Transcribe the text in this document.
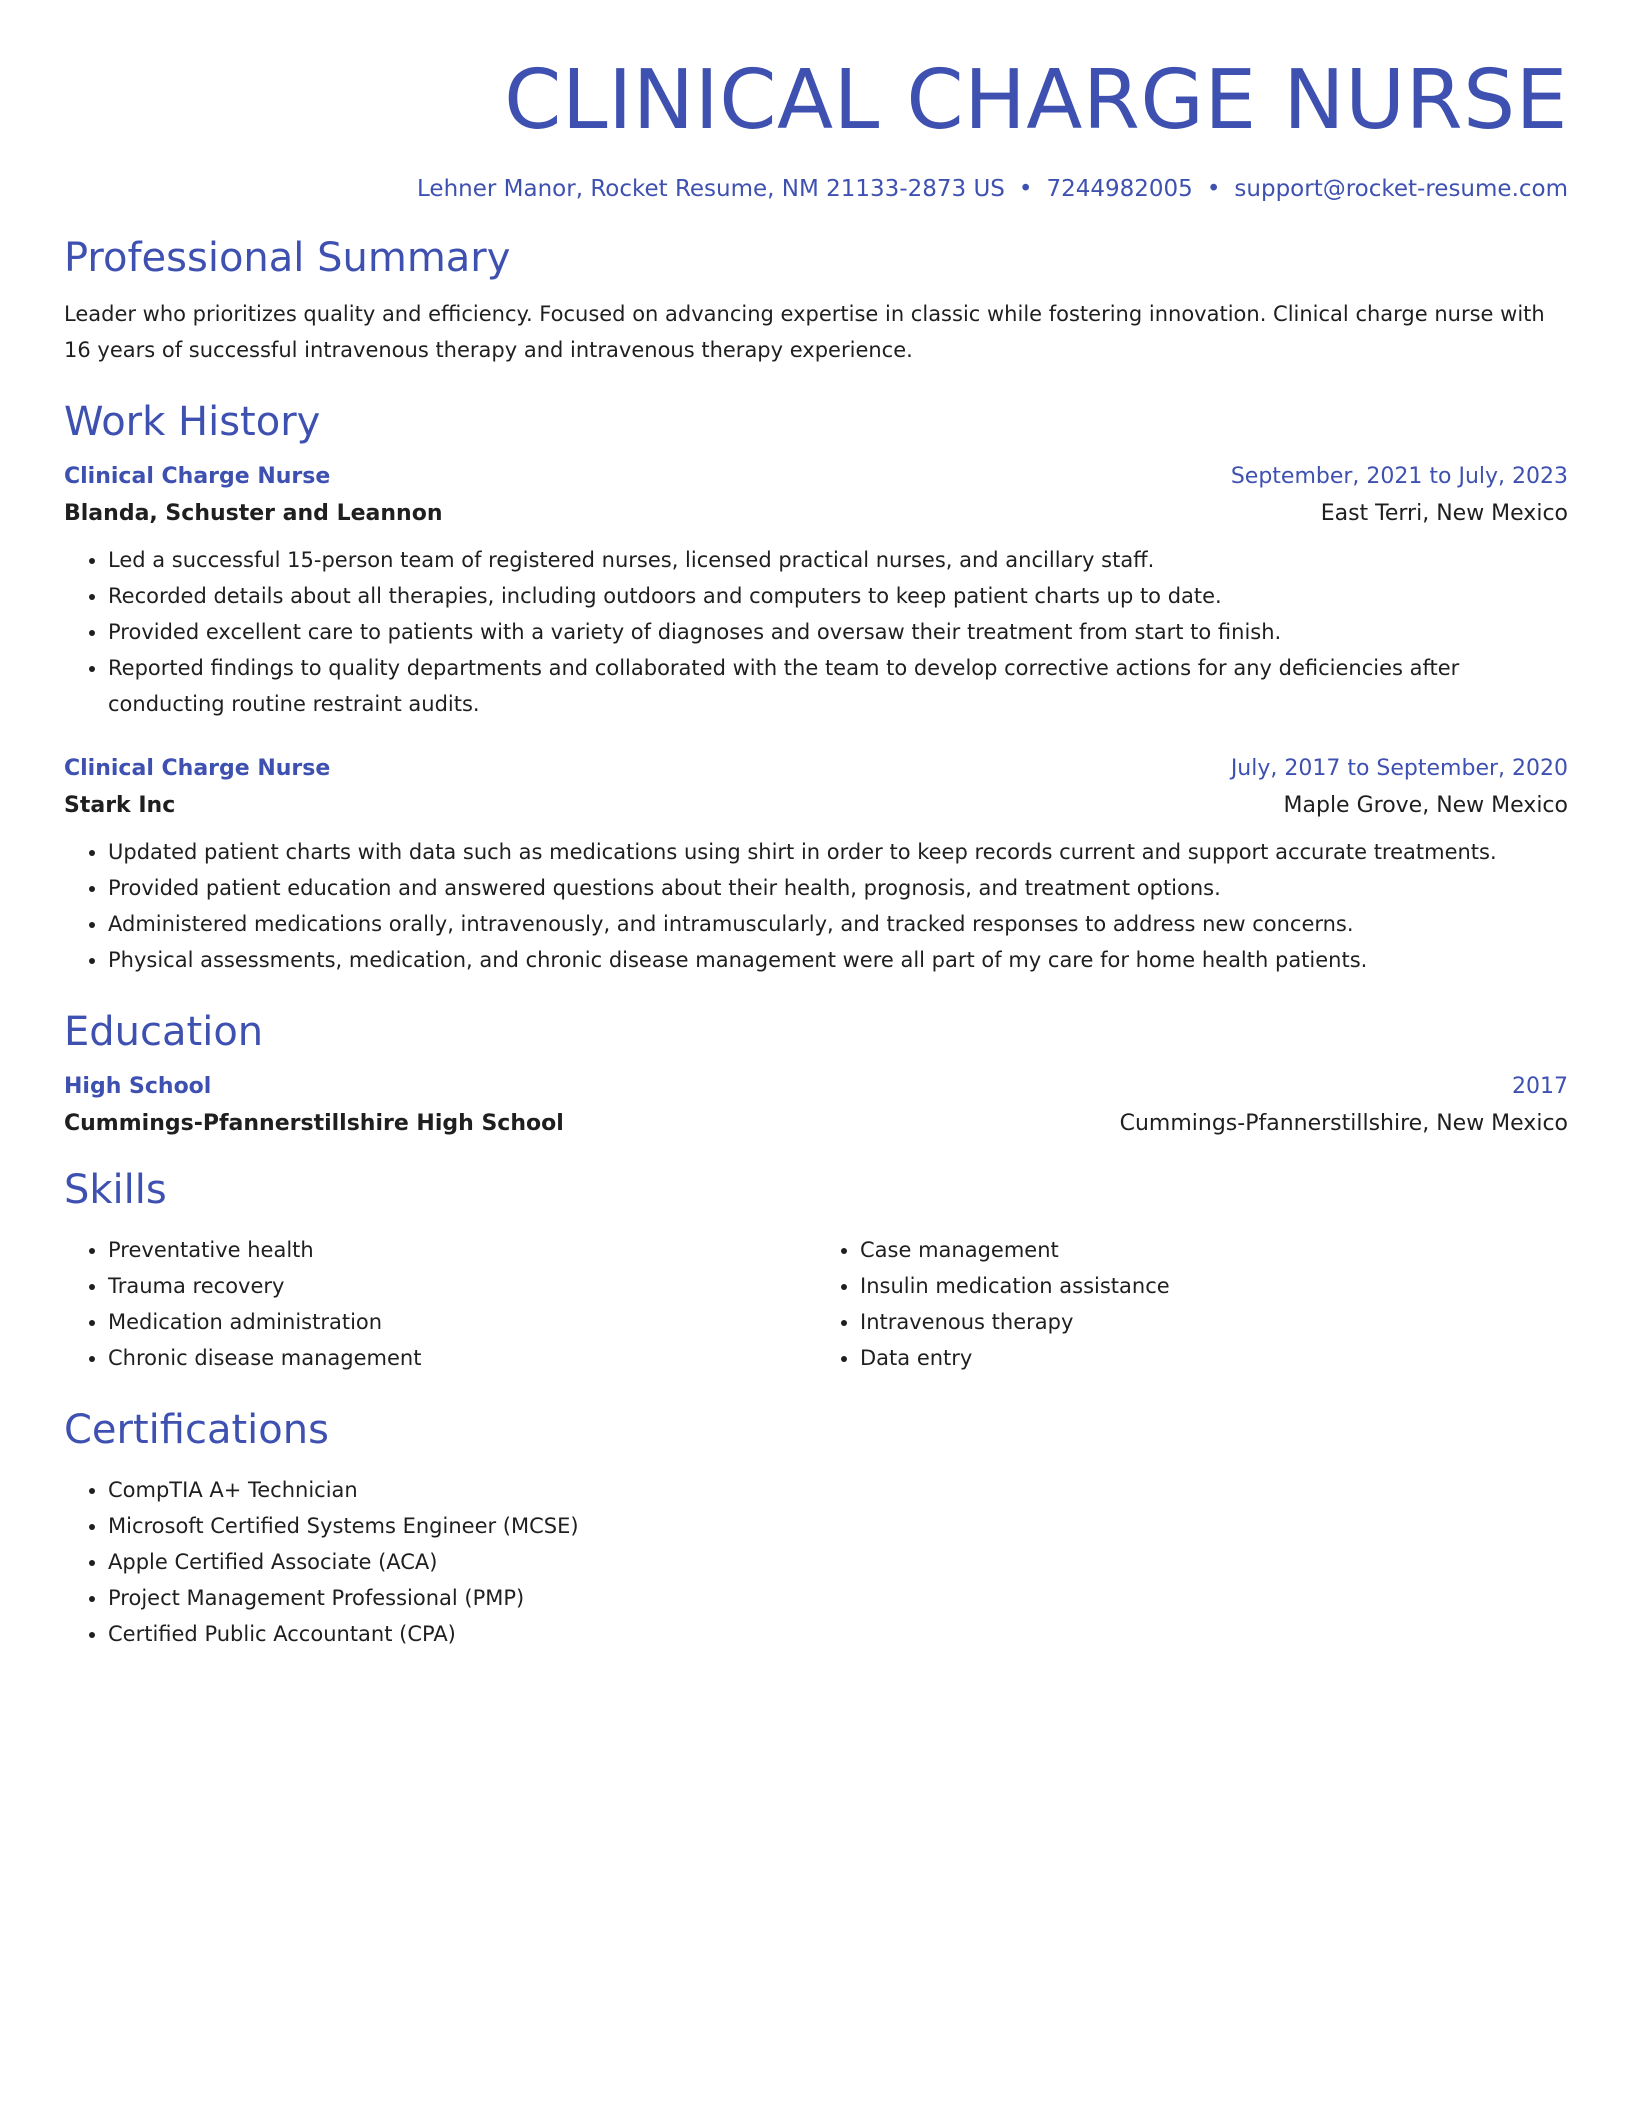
CLINICAL CHARGE NURSE
Lehner Manor, Rocket Resume, NM 21133-2873 US • 7244982005 • support@rocket-resume.com
Professional Summary

Leader who prioritizes quality and efficiency. Focused on advancing expertise in classic while fostering innovation. Clinical charge nurse with 16 years of successful intravenous therapy and intravenous therapy experience.

Work History
Clinical Charge Nurse	September, 2021 to July, 2023
Blanda, Schuster and Leannon	East Terri, New Mexico
• Led a successful 15-person team of registered nurses, licensed practical nurses, and ancillary staff.
• Recorded details about all therapies, including outdoors and computers to keep patient charts up to date.
• Provided excellent care to patients with a variety of diagnoses and oversaw their treatment from start to finish.
• Reported findings to quality departments and collaborated with the team to develop corrective actions for any deficiencies after conducting routine restraint audits.
Clinical Charge Nurse	July, 2017 to September, 2020
Stark Inc	Maple Grove, New Mexico
• Updated patient charts with data such as medications using shirt in order to keep records current and support accurate treatments.
• Provided patient education and answered questions about their health, prognosis, and treatment options.
• Administered medications orally, intravenously, and intramuscularly, and tracked responses to address new concerns.
• Physical assessments, medication, and chronic disease management were all part of my care for home health patients.
Education
High School	2017
Cummings-Pfannerstillshire High School	Cummings-Pfannerstillshire, New Mexico
Skills
• Preventative health
• Trauma recovery
• Medication administration
• Chronic disease management
• Case management
• Insulin medication assistance
• Intravenous therapy
• Data entry
Certifications
• CompTIA A+ Technician
• Microsoft Certified Systems Engineer (MCSE)
• Apple Certified Associate (ACA)
• Project Management Professional (PMP)
• Certified Public Accountant (CPA)
